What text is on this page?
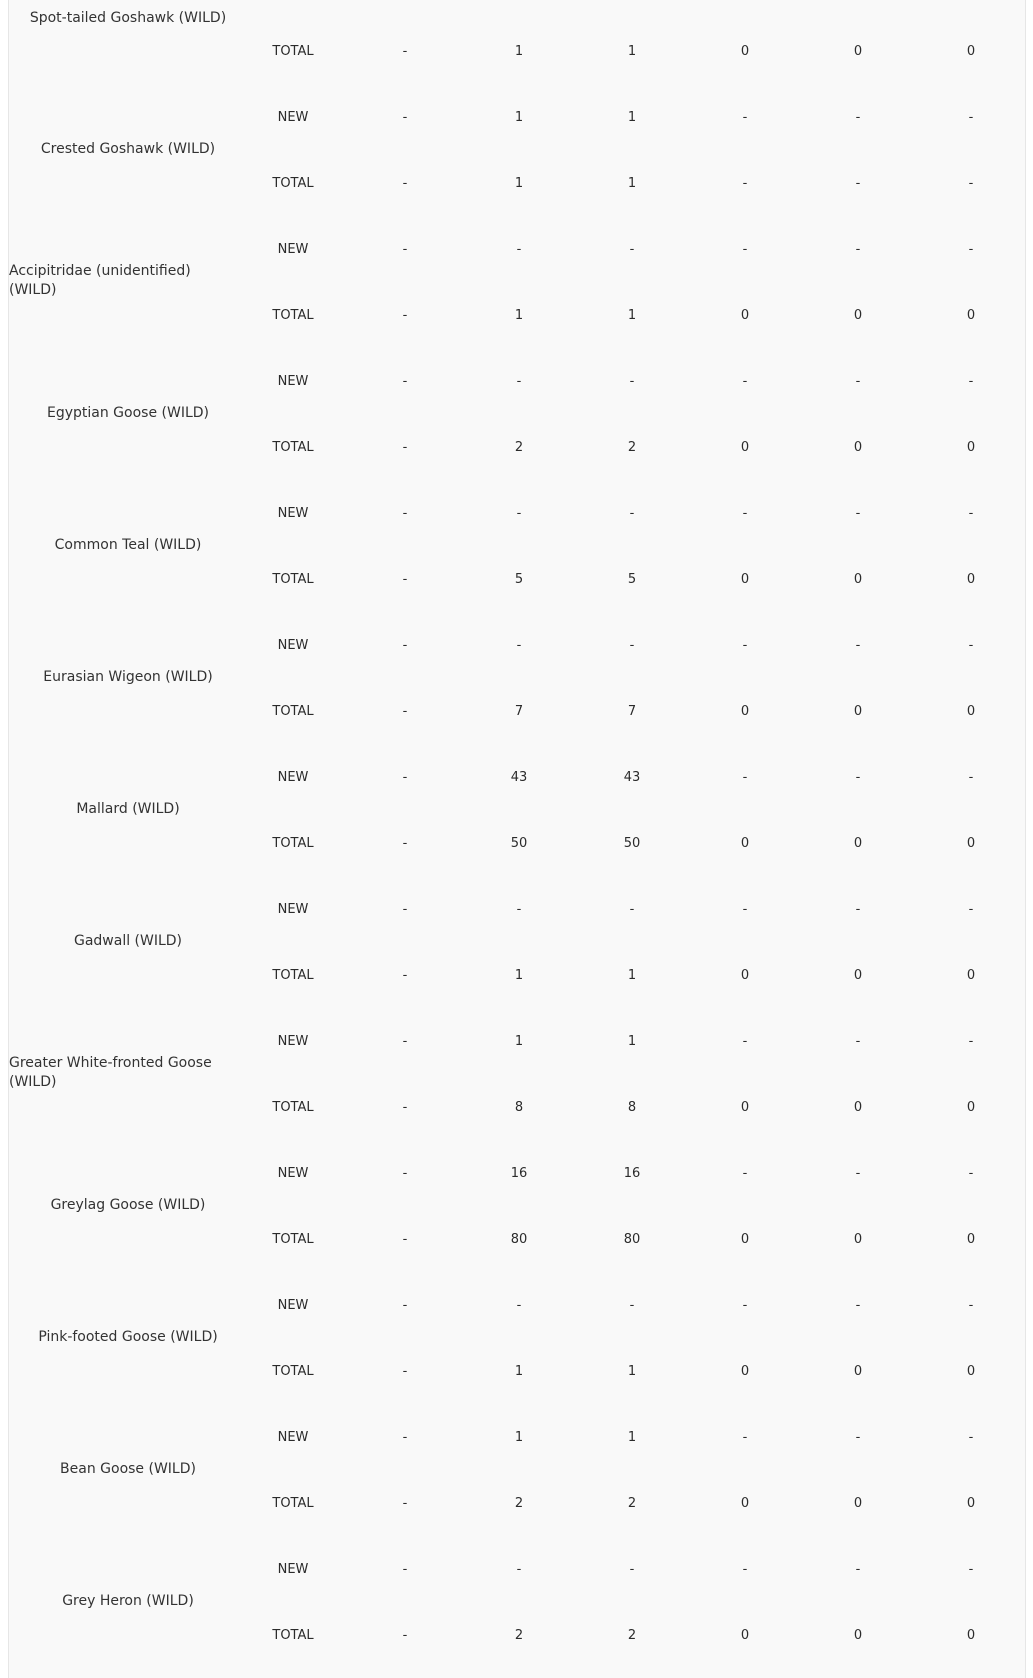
Spot-tailed Goshawk (WILD)
TOTAL	-	1	1	0	0	0
Crested Goshawk (WILD)
NEW	-	1	1	-	-	-
TOTAL	-	1	1	-	-	-
Accipitridae (unidentified) (WILD)
NEW	-	-	-	-	-	-
TOTAL	-	1	1	0	0	0
Egyptian Goose (WILD)
NEW	-	-	-	-	-	-
TOTAL	-	2	2	0	0	0
Common Teal (WILD)
NEW	-	-	-	-	-	-
TOTAL	-	5	5	0	0	0
Eurasian Wigeon (WILD)
NEW	-	-	-	-	-	-
TOTAL	-	7	7	0	0	0
Mallard (WILD)
NEW	-	43	43	-	-	-
TOTAL	-	50	50	0	0	0
Gadwall (WILD)
NEW	-	-	-	-	-	-
TOTAL	-	1	1	0	0	0
Greater White-fronted Goose (WILD)
NEW	-	1	1	-	-	-
TOTAL	-	8	8	0	0	0
Greylag Goose (WILD)
NEW	-	16	16	-	-	-
TOTAL	-	80	80	0	0	0
Pink-footed Goose (WILD)
NEW	-	-	-	-	-	-
TOTAL	-	1	1	0	0	0
Bean Goose (WILD)
NEW	-	1	1	-	-	-
TOTAL	-	2	2	0	0	0
Grey Heron (WILD)
NEW	-	-	-	-	-	-
TOTAL	-	2	2	0	0	0
